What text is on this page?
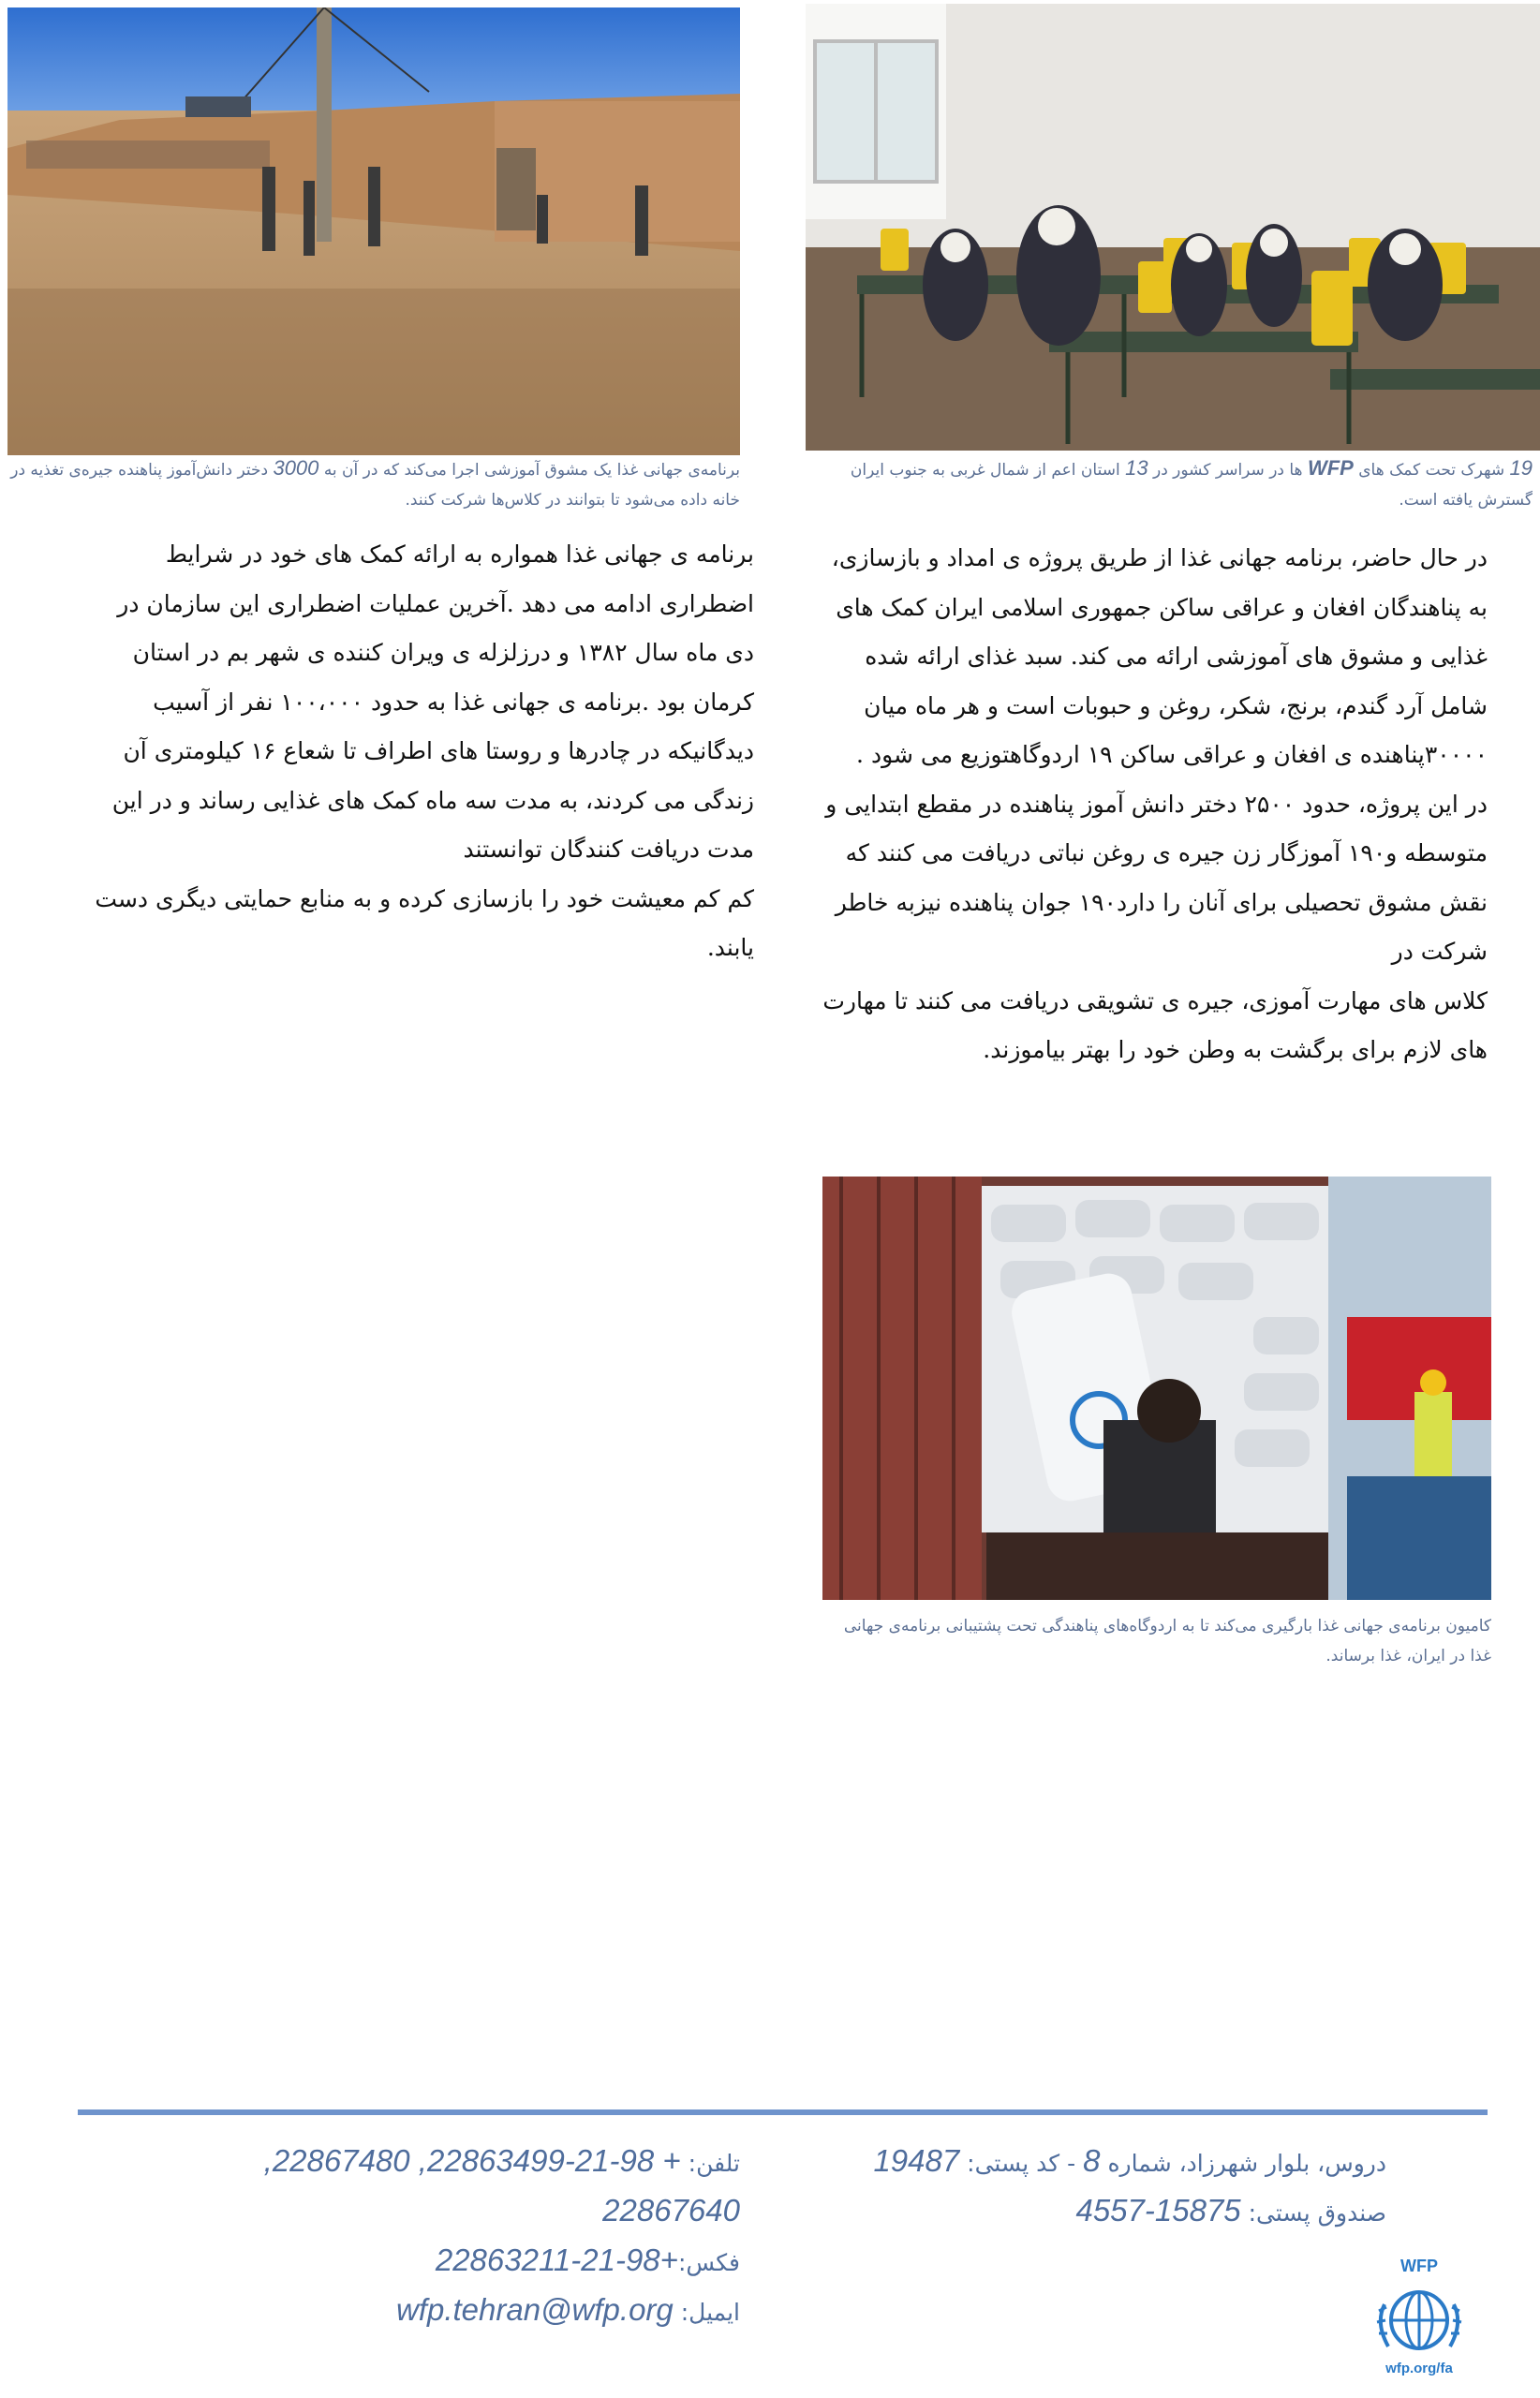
برنامه‌ی جهانی غذا یک مشوق آموزشی اجرا می‌کند که در آن به 3000 دختر دانش‌آموز پناهنده جیره‌ی تغذیه در خانه داده می‌شود تا بتوانند در کلاس‌ها شرکت کنند.
19 شهرک تحت کمک های WFP ها در سراسر کشور در 13 استان اعم از شمال غربی به جنوب ایران گسترش یافته است.

برنامه ی جهانی غذا همواره به ارائه کمک های خود در شرایط اضطراری ادامه می دهد .آخرین عملیات اضطراری این سازمان در دی ماه سال ۱۳۸۲ و درزلزله ی ویران کننده ی شهر بم در استان کرمان بود .برنامه ی جهانی غذا به حدود ۱۰۰،۰۰۰ نفر از آسیب دیدگانیکه در چادرها و روستا های اطراف تا شعاع ۱۶ کیلومتری آن زندگی می کردند، به مدت سه ماه کمک های غذایی رساند و در این مدت دریافت کنندگان توانستند

کم کم معیشت خود را بازسازی کرده و به منابع حمایتی دیگری دست یابند.

در حال حاضر، برنامه جهانی غذا از طریق پروژه ی امداد و بازسازی، به پناهندگان افغان و عراقی ساکن جمهوری اسلامی ایران کمک های غذایی و مشوق های آموزشی ارائه می کند. سبد غذای ارائه شده شامل آرد گندم، برنج، شکر، روغن و حبوبات است و هر ماه میان ۳۰۰۰۰پناهنده ی افغان و عراقی ساکن ۱۹ اردوگاهتوزیع می شود .

در این پروژه، حدود ۲۵۰۰ دختر دانش آموز پناهنده در مقطع ابتدایی و متوسطه و۱۹۰ آموزگار زن جیره ی روغن نباتی دریافت می کنند که نقش مشوق تحصیلی برای آنان را دارد۱۹۰ جوان پناهنده نیزبه خاطر شرکت در

کلاس های مهارت آموزی، جیره ی تشویقی دریافت می کنند تا مهارت های لازم برای برگشت به وطن خود را بهتر بیاموزند.

کامیون برنامه‌ی جهانی غذا بارگیری می‌کند تا به اردوگاه‌های پناهندگی تحت پشتیبانی برنامه‌ی جهانی غذا در ایران، غذا برساند.
دروس، بلوار شهرزاد، شماره 8 - کد پستی: 19487
صندوق پستی: 15875-4557
تلفن: + 98-21-22863499, 22867480,
22867640
فکس:+98-21-22863211
ایمیل: wfp.tehran@wfp.org
WFP
wfp.org/fa
